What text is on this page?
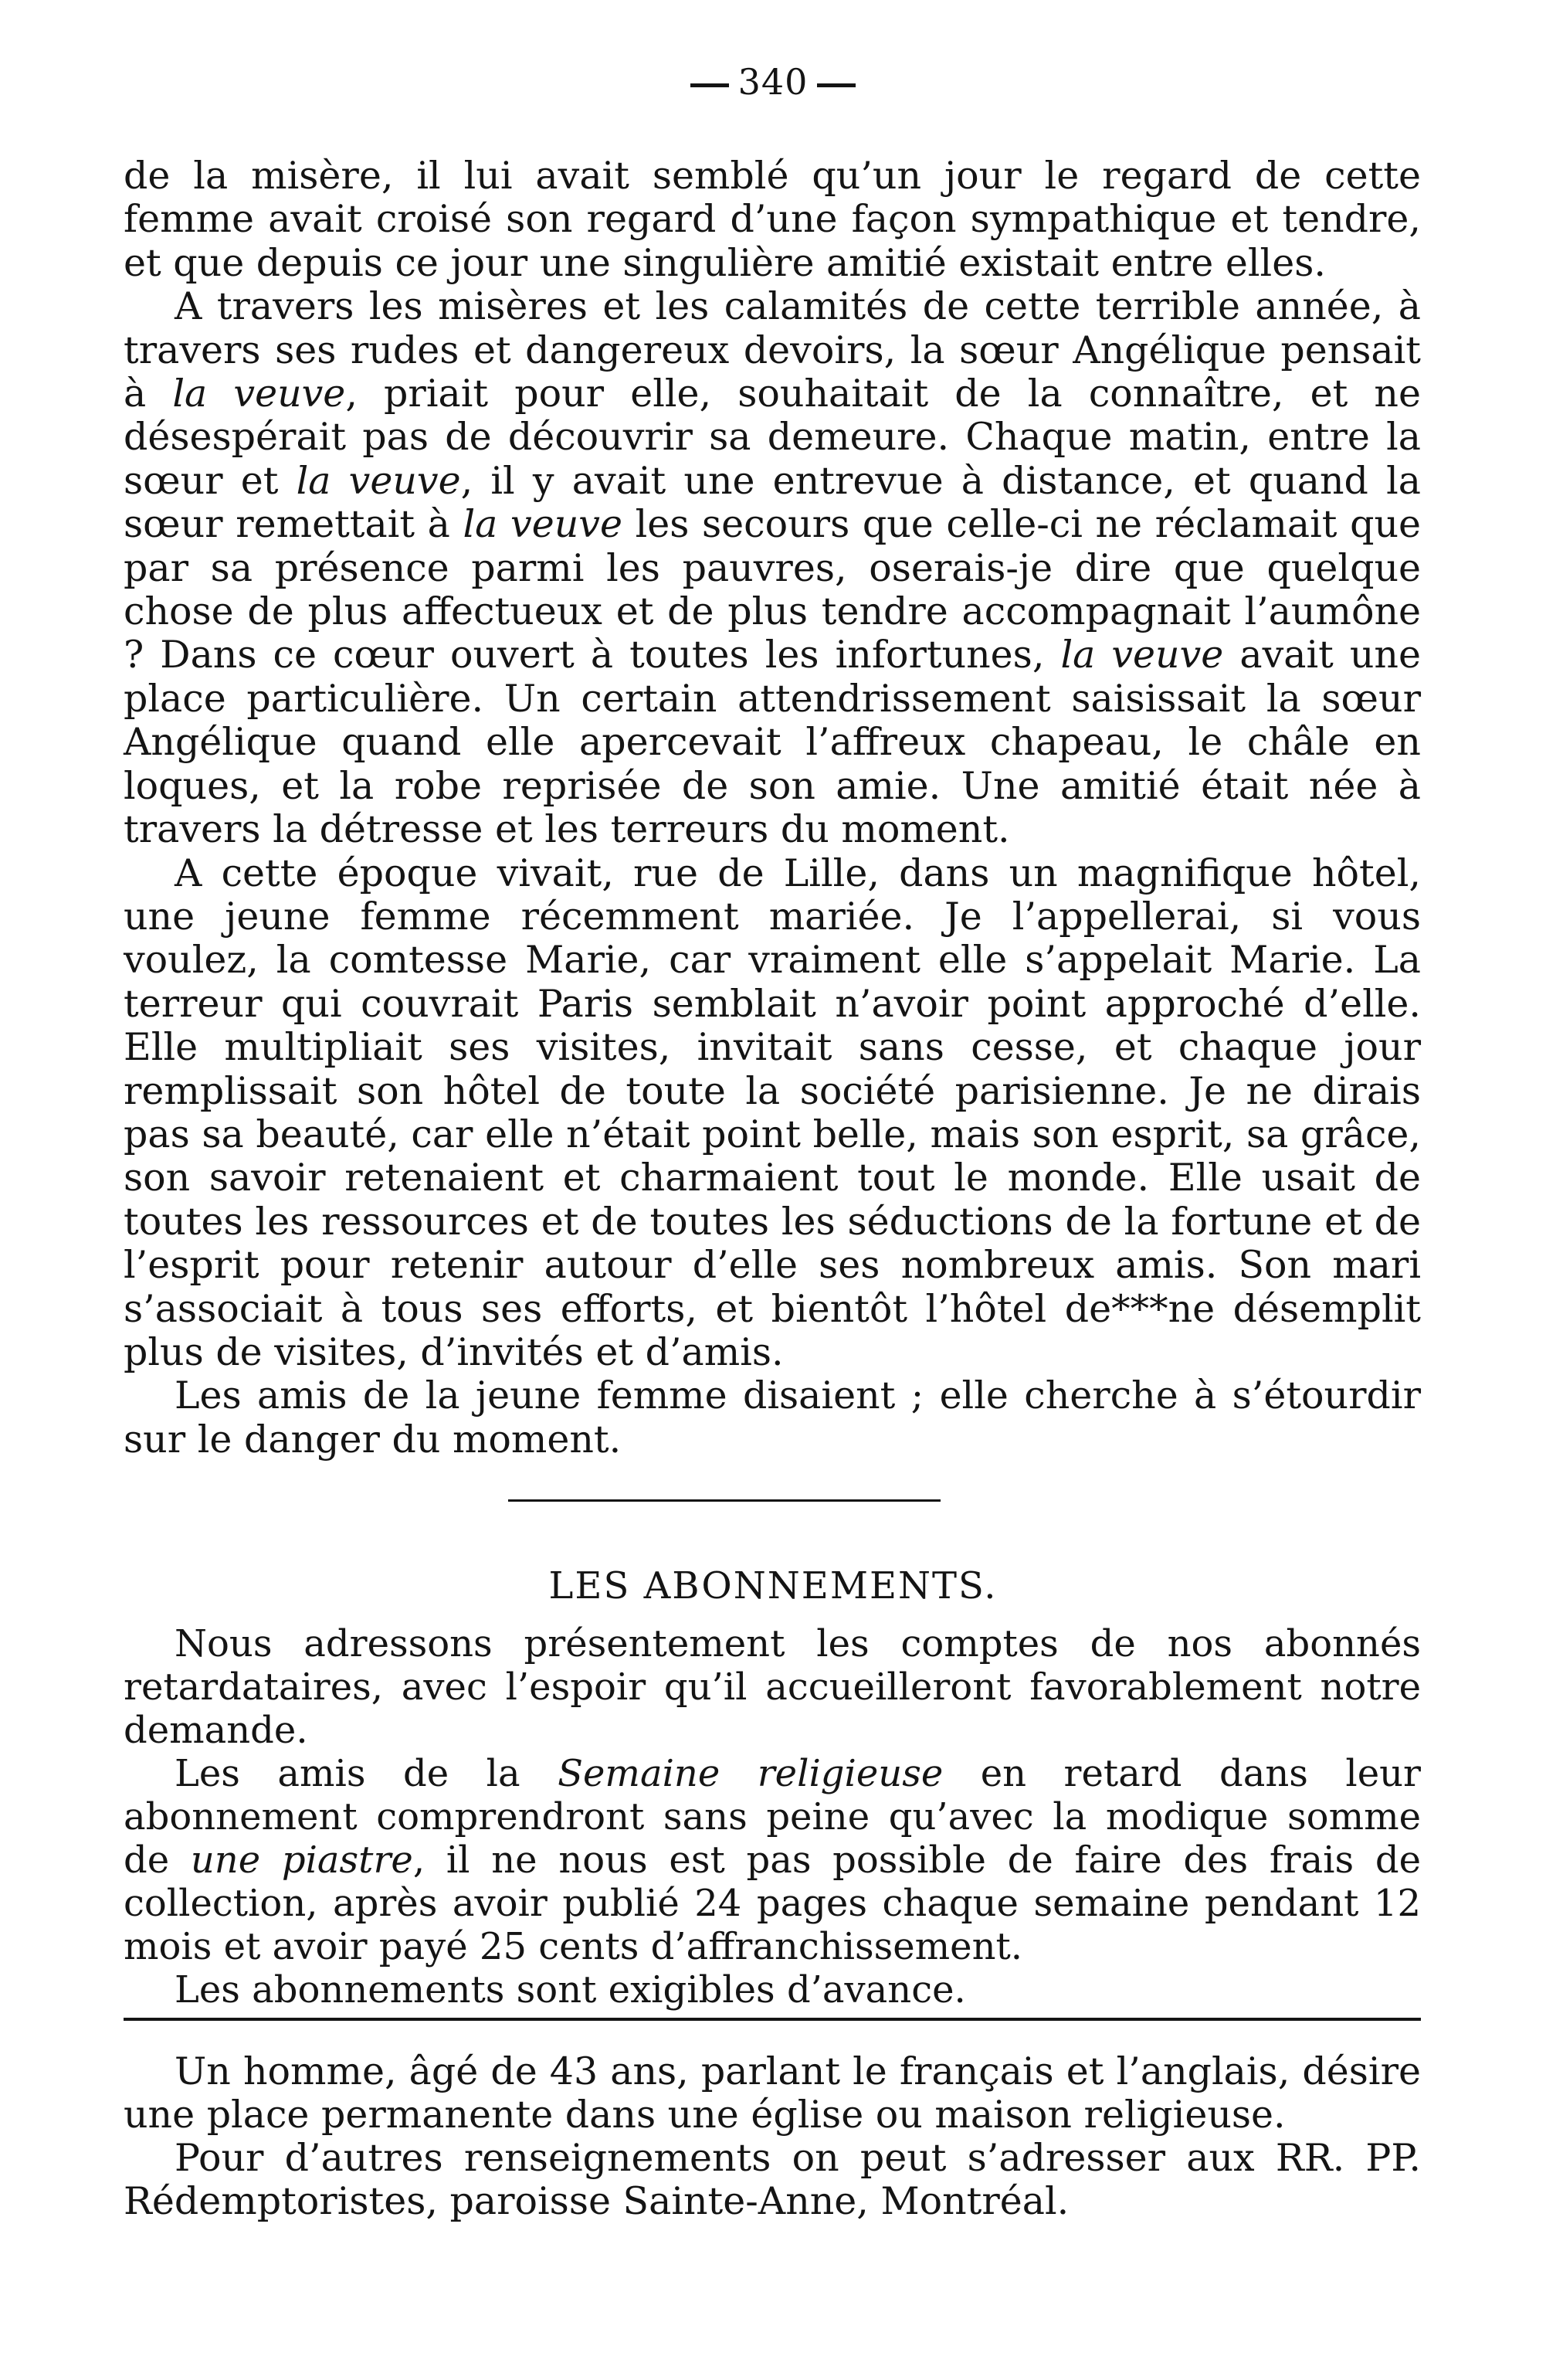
340

de la misère, il lui avait semblé qu’un jour le regard de cette femme avait croisé son regard d’une façon sympathique et tendre, et que depuis ce jour une singulière amitié existait entre elles.

A travers les misères et les calamités de cette terrible année, à travers ses rudes et dangereux devoirs, la sœur Angélique pensait à la veuve, priait pour elle, souhaitait de la connaître, et ne désespérait pas de découvrir sa demeure. Chaque matin, entre la sœur et la veuve, il y avait une entrevue à distance, et quand la sœur remettait à la veuve les secours que celle-ci ne réclamait que par sa présence parmi les pauvres, oserais-je dire que quelque chose de plus affectueux et de plus tendre accompagnait l’aumône ? Dans ce cœur ouvert à toutes les infortunes, la veuve avait une place particulière. Un certain attendrissement saisissait la sœur Angélique quand elle apercevait l’affreux chapeau, le châle en loques, et la robe reprisée de son amie. Une amitié était née à travers la détresse et les terreurs du moment.

A cette époque vivait, rue de Lille, dans un magnifique hôtel, une jeune femme récemment mariée. Je l’appellerai, si vous voulez, la comtesse Marie, car vraiment elle s’appelait Marie. La terreur qui couvrait Paris semblait n’avoir point approché d’elle. Elle multipliait ses visites, invitait sans cesse, et chaque jour remplissait son hôtel de toute la société parisienne. Je ne dirais pas sa beauté, car elle n’était point belle, mais son esprit, sa grâce, son savoir retenaient et charmaient tout le monde. Elle usait de toutes les ressources et de toutes les séductions de la fortune et de l’esprit pour retenir autour d’elle ses nombreux amis. Son mari s’associait à tous ses efforts, et bientôt l’hôtel de***ne désemplit plus de visites, d’invités et d’amis.

Les amis de la jeune femme disaient ; elle cherche à s’étourdir sur le danger du moment.

LES ABONNEMENTS.

Nous adressons présentement les comptes de nos abonnés retardataires, avec l’espoir qu’il accueilleront favorablement notre demande.

Les amis de la Semaine religieuse en retard dans leur abonnement comprendront sans peine qu’avec la modique somme de une piastre, il ne nous est pas possible de faire des frais de collection, après avoir publié 24 pages chaque semaine pendant 12 mois et avoir payé 25 cents d’affranchissement.

Les abonnements sont exigibles d’avance.

Un homme, âgé de 43 ans, parlant le français et l’anglais, désire une place permanente dans une église ou maison religieuse.

Pour d’autres renseignements on peut s’adresser aux RR. PP. Rédemptoristes, paroisse Sainte-Anne, Montréal.
